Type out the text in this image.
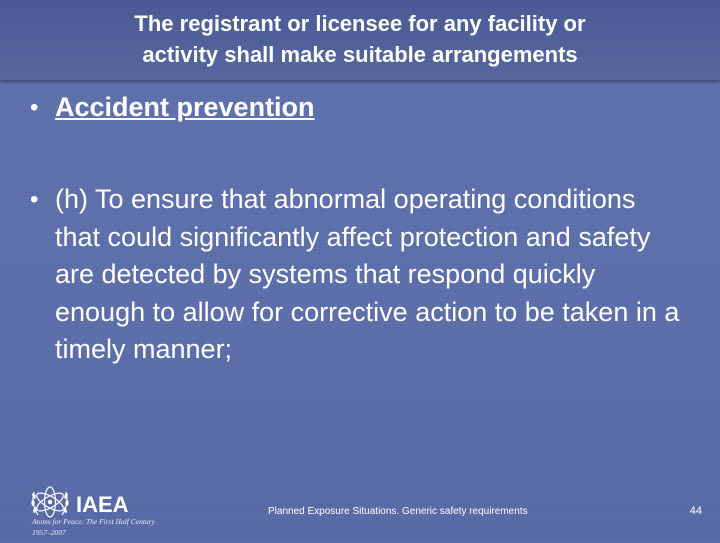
The registrant or licensee for any facility or
activity shall make suitable arrangements
• Accident prevention
• (h) To ensure that abnormal operating conditions that could significantly affect protection and safety are detected by systems that respond quickly enough to allow for corrective action to be taken in a timely manner;
IAEA
Atoms for Peace: The First Half Century
1957–2007
Planned Exposure Situations. Generic safety requirements	44
